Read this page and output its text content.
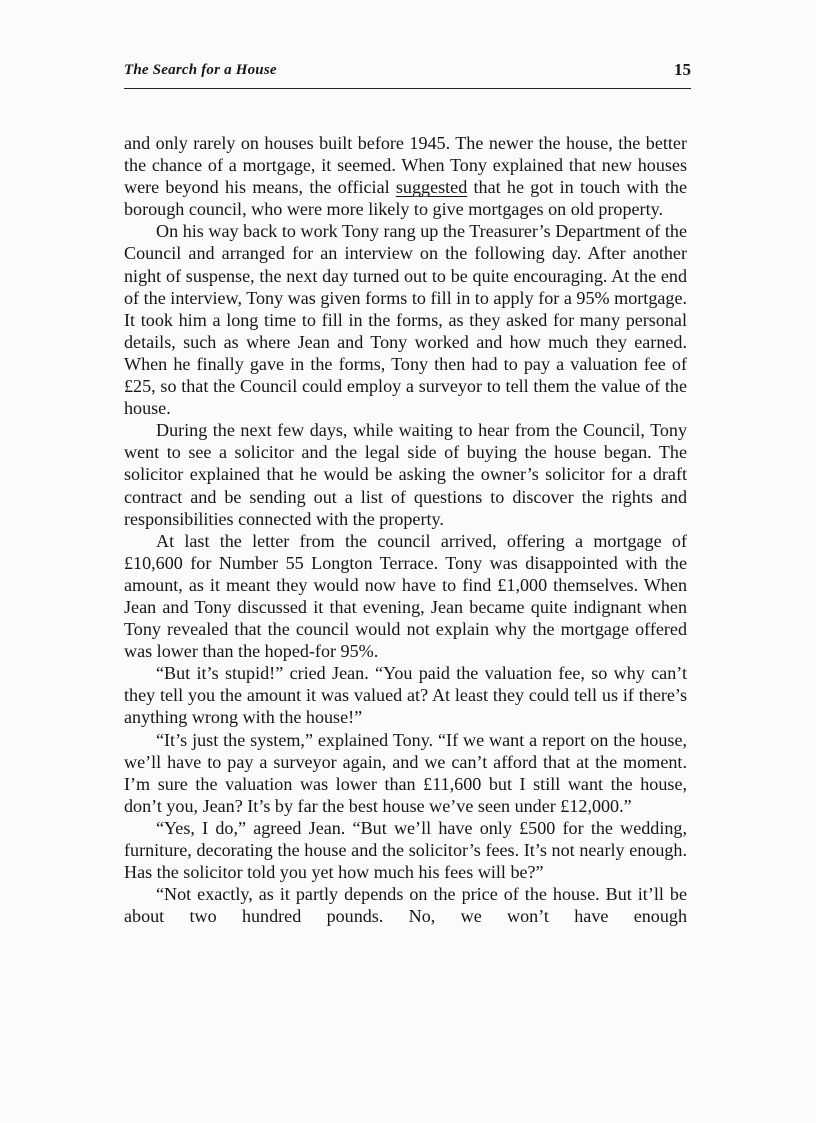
The Search for a House	15

and only rarely on houses built before 1945. The newer the house, the better the chance of a mortgage, it seemed. When Tony explained that new houses were beyond his means, the official suggested that he got in touch with the borough council, who were more likely to give mortgages on old property.

On his way back to work Tony rang up the Treasurer’s Department of the Council and arranged for an interview on the following day. After another night of suspense, the next day turned out to be quite encouraging. At the end of the interview, Tony was given forms to fill in to apply for a 95% mortgage. It took him a long time to fill in the forms, as they asked for many personal details, such as where Jean and Tony worked and how much they earned. When he finally gave in the forms, Tony then had to pay a valuation fee of £25, so that the Council could employ a surveyor to tell them the value of the house.

During the next few days, while waiting to hear from the Council, Tony went to see a solicitor and the legal side of buying the house began. The solicitor explained that he would be asking the owner’s solicitor for a draft contract and be sending out a list of questions to discover the rights and responsibilities connected with the property.

At last the letter from the council arrived, offering a mortgage of £10,600 for Number 55 Longton Terrace. Tony was disappointed with the amount, as it meant they would now have to find £1,000 themselves. When Jean and Tony discussed it that evening, Jean became quite indignant when Tony revealed that the council would not explain why the mortgage offered was lower than the hoped-for 95%.

“But it’s stupid!” cried Jean. “You paid the valuation fee, so why can’t they tell you the amount it was valued at? At least they could tell us if there’s anything wrong with the house!”

“It’s just the system,” explained Tony. “If we want a report on the house, we’ll have to pay a surveyor again, and we can’t afford that at the moment. I’m sure the valuation was lower than £11,600 but I still want the house, don’t you, Jean? It’s by far the best house we’ve seen under £12,000.”

“Yes, I do,” agreed Jean. “But we’ll have only £500 for the wedding, furniture, decorating the house and the solicitor’s fees. It’s not nearly enough. Has the solicitor told you yet how much his fees will be?”

“Not exactly, as it partly depends on the price of the house. But it’ll be about two hundred pounds. No, we won’t have enough
